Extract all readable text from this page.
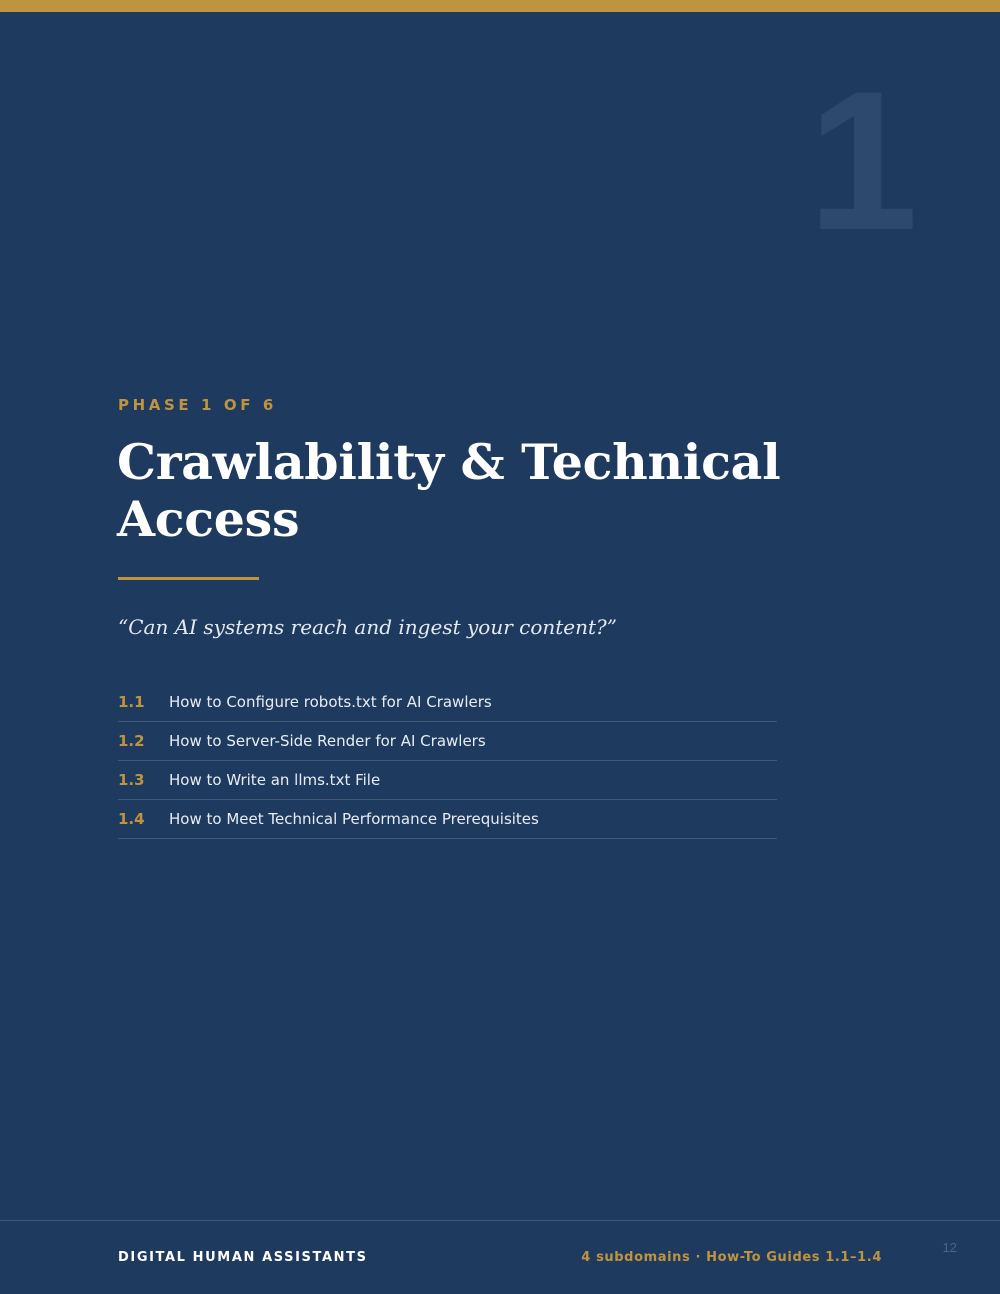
1
PHASE 1 OF 6
Crawlability & Technical Access
“Can AI systems reach and ingest your content?”
1.1	How to Configure robots.txt for AI Crawlers
1.2	How to Server-Side Render for AI Crawlers
1.3	How to Write an llms.txt File
1.4	How to Meet Technical Performance Prerequisites
DIGITAL HUMAN ASSISTANTS	4 subdomains · How-To Guides 1.1–1.4
12
